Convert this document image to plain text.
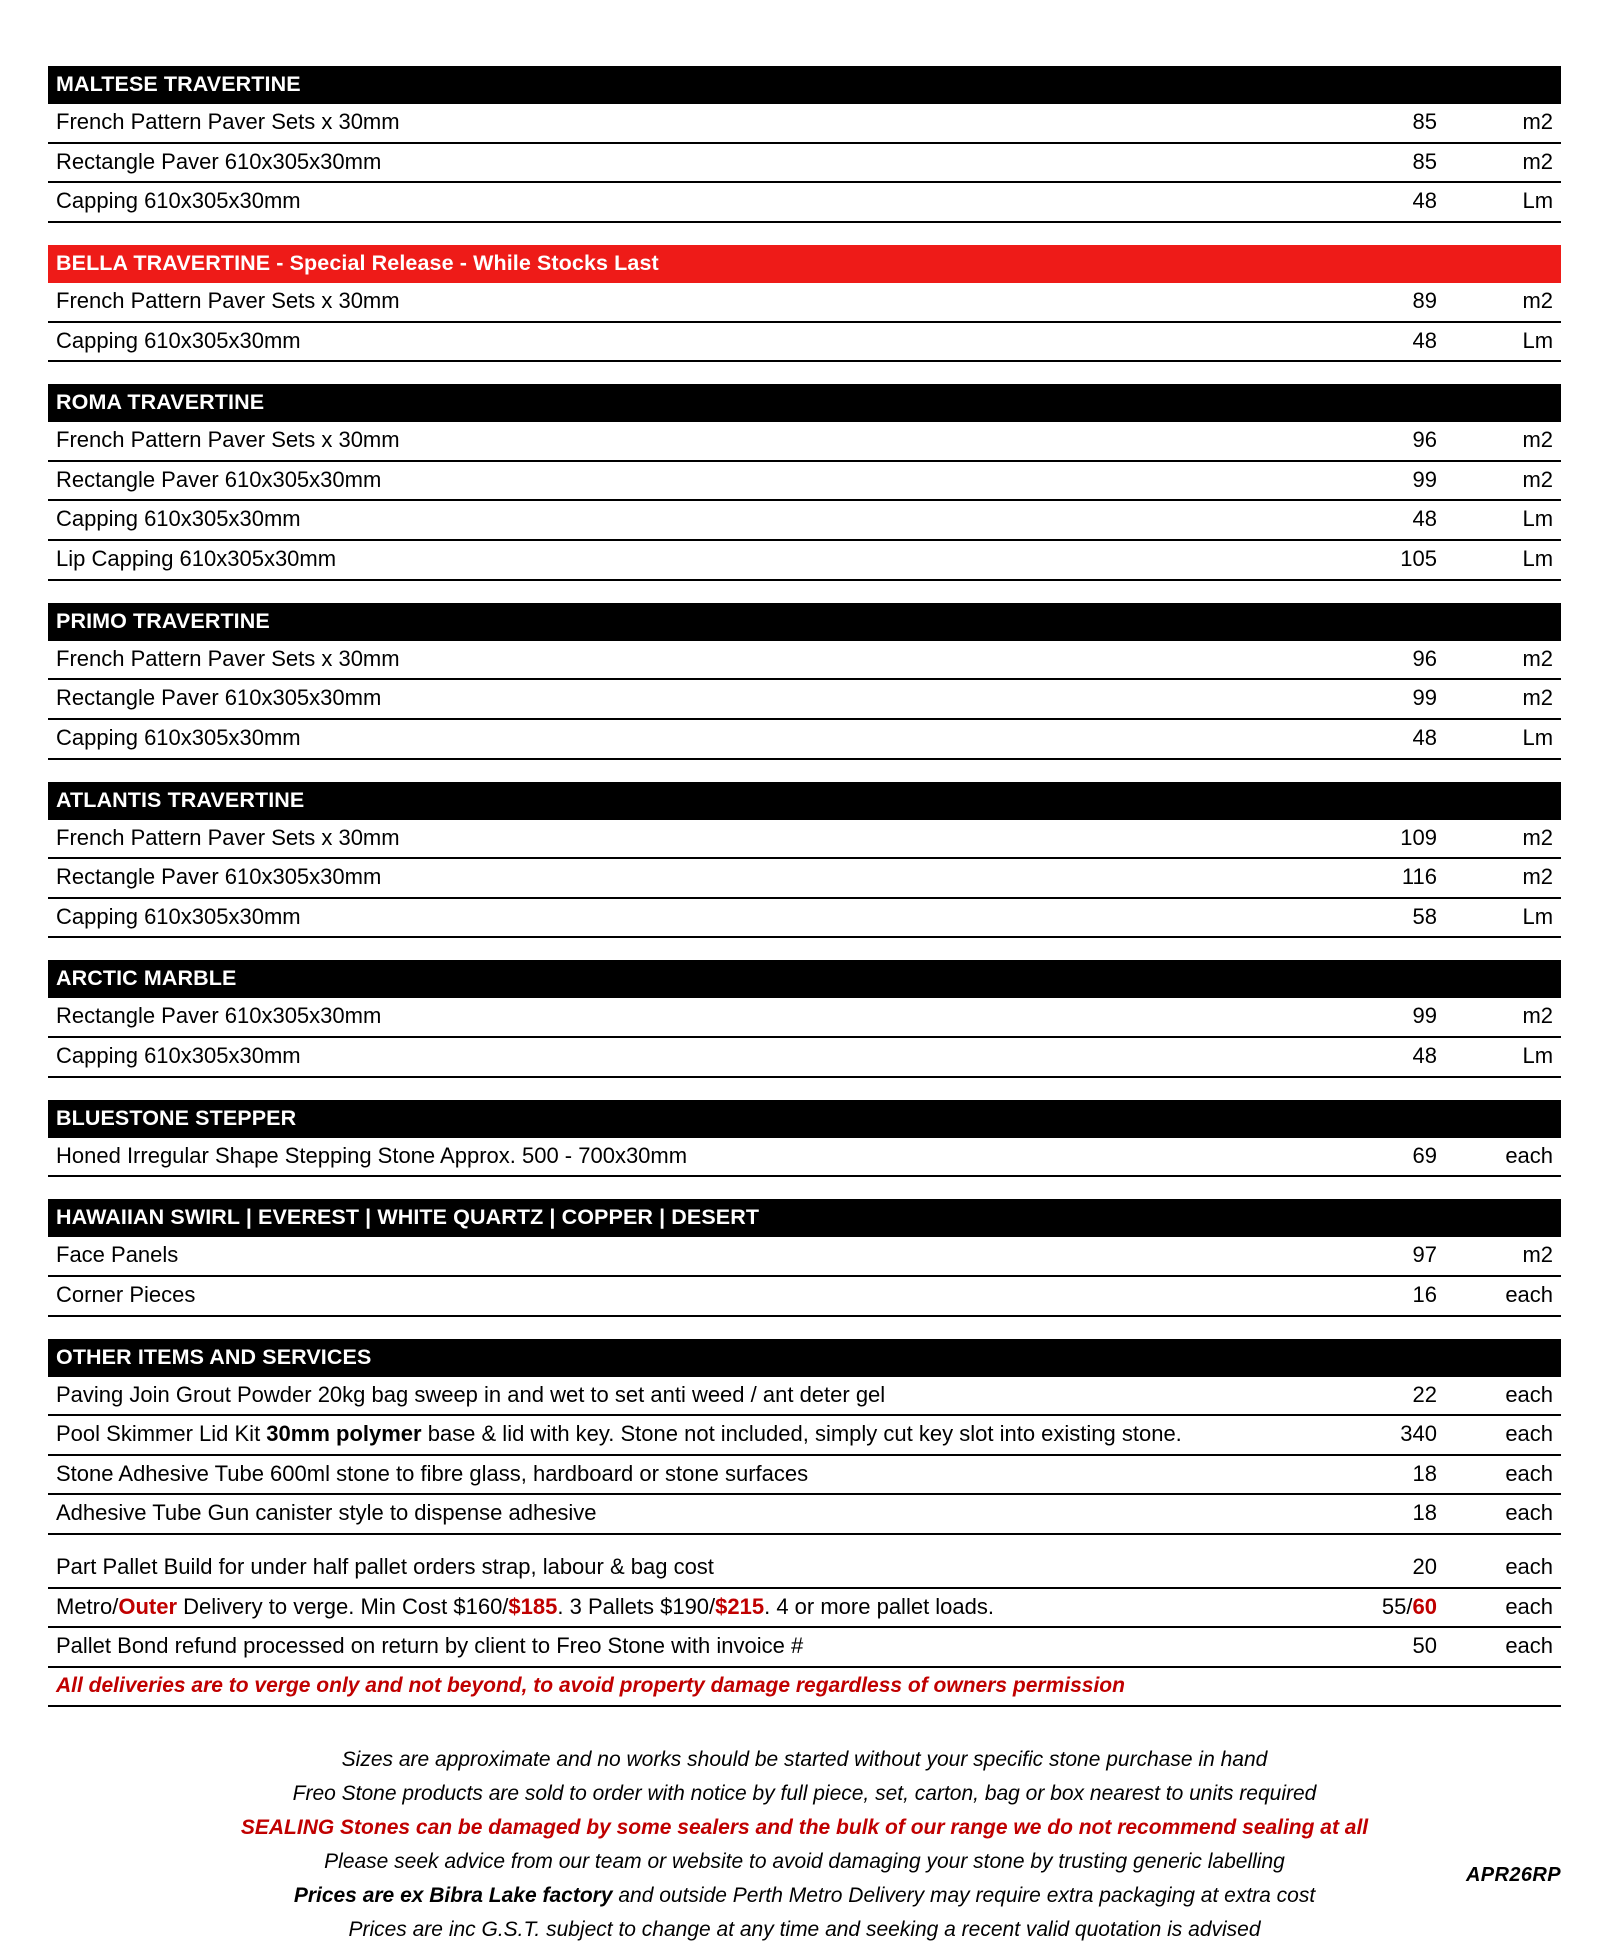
MALTESE TRAVERTINE		
French Pattern Paver Sets x 30mm	85	m2
Rectangle Paver 610x305x30mm	85	m2
Capping 610x305x30mm	48	Lm

BELLA TRAVERTINE - Special Release - While Stocks Last		
French Pattern Paver Sets x 30mm	89	m2
Capping 610x305x30mm	48	Lm

ROMA TRAVERTINE		
French Pattern Paver Sets x 30mm	96	m2
Rectangle Paver 610x305x30mm	99	m2
Capping 610x305x30mm	48	Lm
Lip Capping 610x305x30mm	105	Lm

PRIMO TRAVERTINE		
French Pattern Paver Sets x 30mm	96	m2
Rectangle Paver 610x305x30mm	99	m2
Capping 610x305x30mm	48	Lm

ATLANTIS TRAVERTINE		
French Pattern Paver Sets x 30mm	109	m2
Rectangle Paver 610x305x30mm	116	m2
Capping 610x305x30mm	58	Lm

ARCTIC MARBLE		
Rectangle Paver 610x305x30mm	99	m2
Capping 610x305x30mm	48	Lm

BLUESTONE STEPPER		
Honed Irregular Shape Stepping Stone Approx. 500 - 700x30mm	69	each

HAWAIIAN SWIRL | EVEREST | WHITE QUARTZ | COPPER | DESERT		
Face Panels	97	m2
Corner Pieces	16	each

OTHER ITEMS AND SERVICES		
Paving Join Grout Powder 20kg bag sweep in and wet to set anti weed / ant deter gel	22	each
Pool Skimmer Lid Kit 30mm polymer base & lid with key. Stone not included, simply cut key slot into existing stone.	340	each
Stone Adhesive Tube 600ml stone to fibre glass, hardboard or stone surfaces	18	each
Adhesive Tube Gun canister style to dispense adhesive	18	each

Part Pallet Build for under half pallet orders strap, labour & bag cost	20	each
Metro/Outer Delivery to verge. Min Cost $160/$185. 3 Pallets $190/$215. 4 or more pallet loads.	55/60	each
Pallet Bond refund processed on return by client to Freo Stone with invoice #	50	each
All deliveries are to verge only and not beyond, to avoid property damage regardless of owners permission		
Sizes are approximate and no works should be started without your specific stone purchase in hand
Freo Stone products are sold to order with notice by full piece, set, carton, bag or box nearest to units required
SEALING Stones can be damaged by some sealers and the bulk of our range we do not recommend sealing at all
Please seek advice from our team or website to avoid damaging your stone by trusting generic labelling
Prices are ex Bibra Lake factory and outside Perth Metro Delivery may require extra packaging at extra cost
Prices are inc G.S.T. subject to change at any time and seeking a recent valid quotation is advised
APR26RP
